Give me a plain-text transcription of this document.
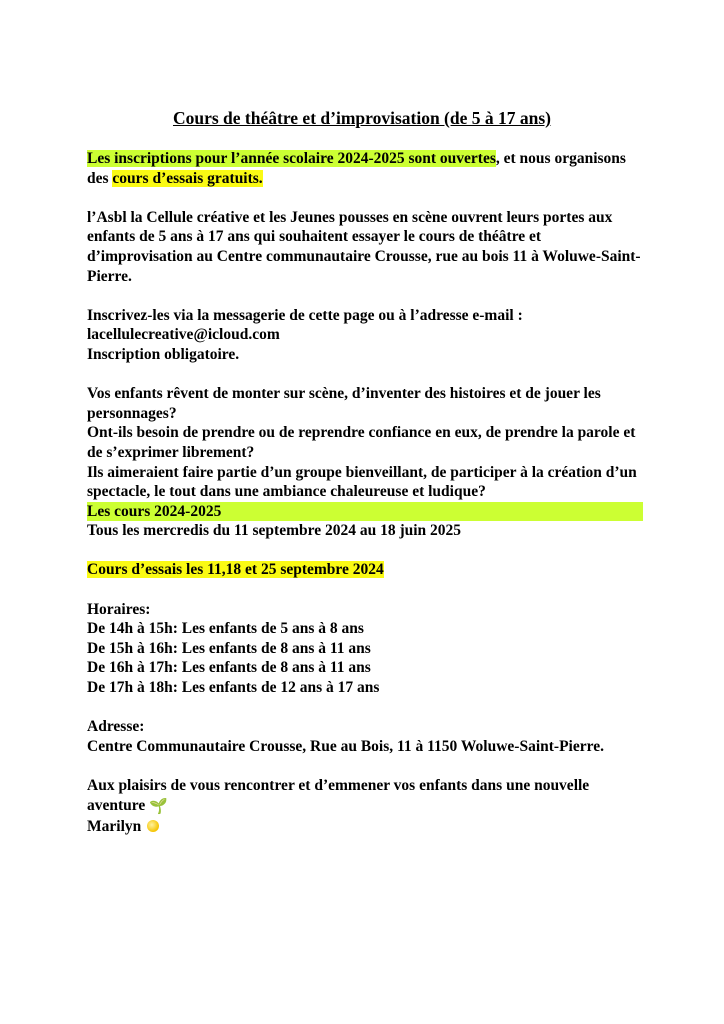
Cours de théâtre et d’improvisation (de 5 à 17 ans)

Les inscriptions pour l’année scolaire 2024-2025 sont ouvertes, et nous organisons des cours d’essais gratuits.

l’Asbl la Cellule créative et les Jeunes pousses en scène ouvrent leurs portes aux enfants de 5 ans à 17 ans qui souhaitent essayer le cours de théâtre et d’improvisation au Centre communautaire Crousse, rue au bois 11 à Woluwe-Saint-Pierre.

Inscrivez-les via la messagerie de cette page ou à l’adresse e-mail :

lacellulecreative@icloud.com

Inscription obligatoire.

Vos enfants rêvent de monter sur scène, d’inventer des histoires et de jouer les personnages?

Ont-ils besoin de prendre ou de reprendre confiance en eux, de prendre la parole et de s’exprimer librement?

Ils aimeraient faire partie d’un groupe bienveillant, de participer à la création d’un spectacle, le tout dans une ambiance chaleureuse et ludique?

Les cours 2024-2025

Tous les mercredis du 11 septembre 2024 au 18 juin 2025

Cours d’essais les 11,18 et 25 septembre 2024

Horaires:

De 14h à 15h: Les enfants de 5 ans à 8 ans

De 15h à 16h: Les enfants de 8 ans à 11 ans

De 16h à 17h: Les enfants de 8 ans à 11 ans

De 17h à 18h: Les enfants de 12 ans à 17 ans

Adresse:

Centre Communautaire Crousse, Rue au Bois, 11 à 1150 Woluwe-Saint-Pierre.

Aux plaisirs de vous rencontrer et d’emmener vos enfants dans une nouvelle aventure 🌱

Marilyn
